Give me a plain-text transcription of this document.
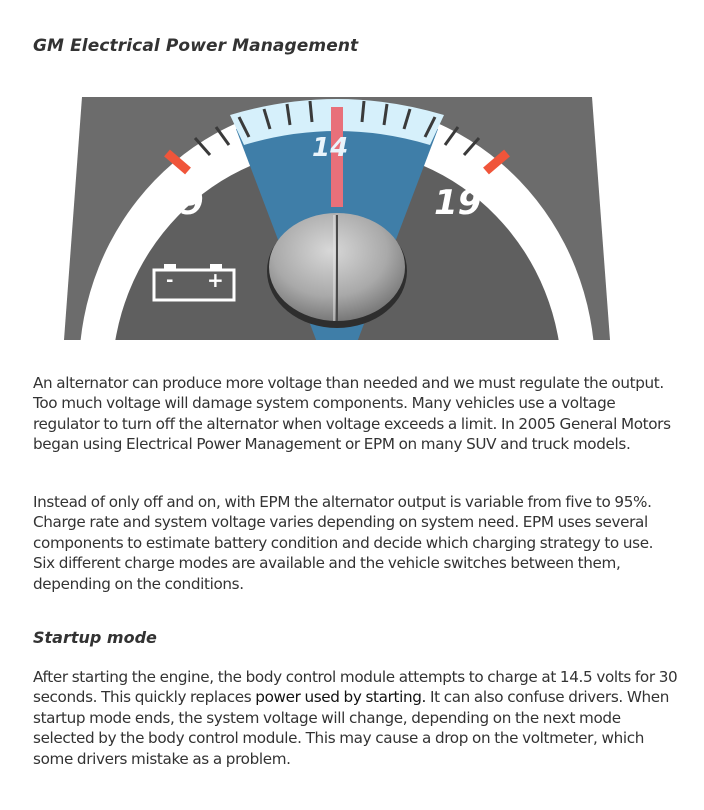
GM Electrical Power Management
9
14
19
- +

An alternator can produce more voltage than needed and we must regulate the output. Too much voltage will damage system components. Many vehicles use a voltage regulator to turn off the alternator when voltage exceeds a limit. In 2005 General Motors began using Electrical Power Management or EPM on many SUV and truck models.

Instead of only off and on, with EPM the alternator output is variable from five to 95%. Charge rate and system voltage varies depending on system need. EPM uses several components to estimate battery condition and decide which charging strategy to use. Six different charge modes are available and the vehicle switches between them, depending on the conditions.

Startup mode

After starting the engine, the body control module attempts to charge at 14.5 volts for 30 seconds. This quickly replaces power used by starting. It can also confuse drivers. When startup mode ends, the system voltage will change, depending on the next mode selected by the body control module. This may cause a drop on the voltmeter, which some drivers mistake as a problem.
